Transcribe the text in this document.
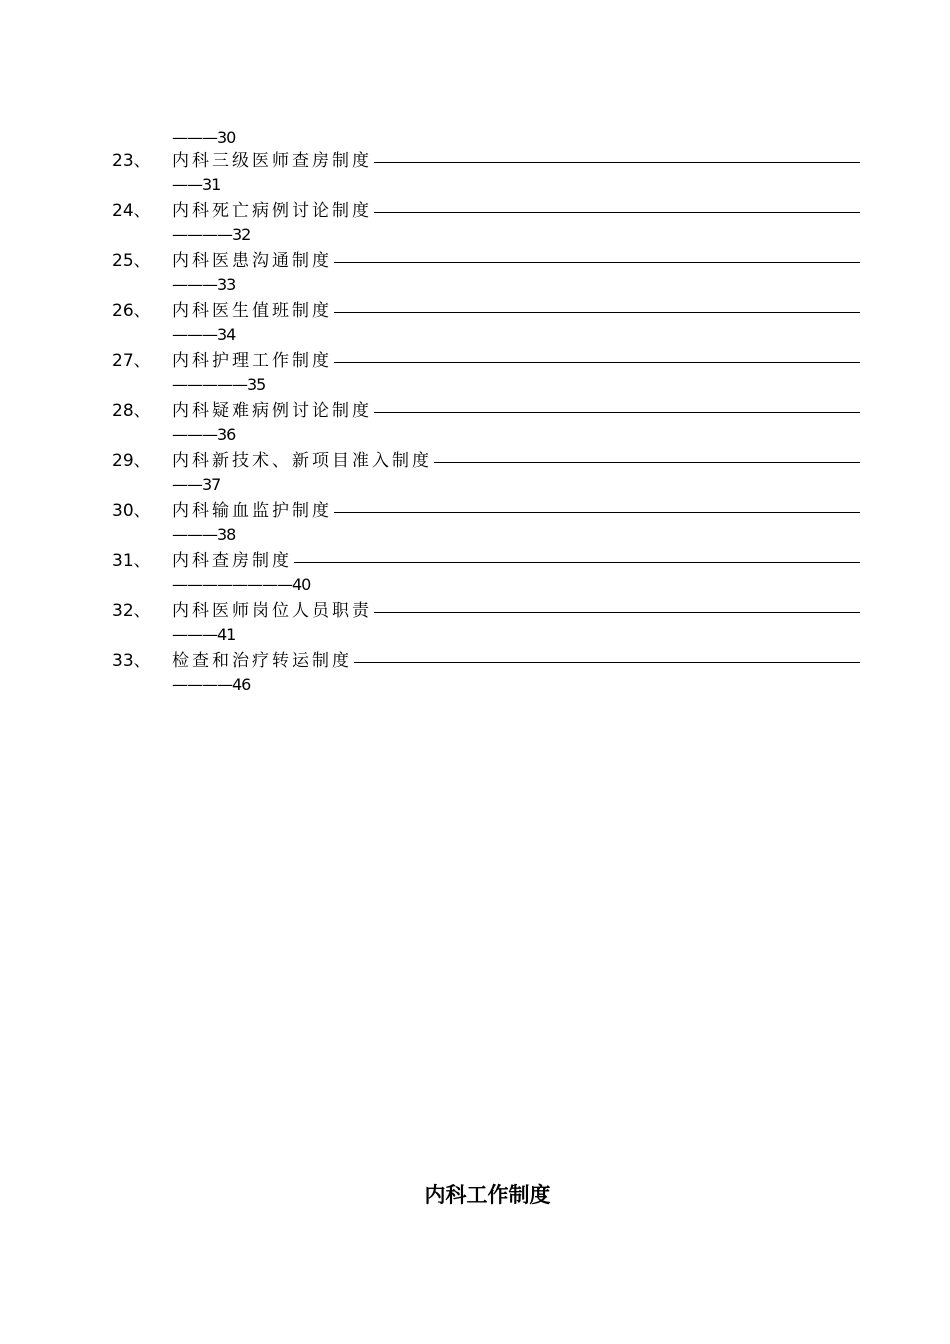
———30
23、 内科三级医师查房制度
——31
24、 内科死亡病例讨论制度
————32
25、 内科医患沟通制度
———33
26、 内科医生值班制度
———34
27、 内科护理工作制度
—————35
28、 内科疑难病例讨论制度
———36
29、 内科新技术、新项目准入制度
——37
30、 内科输血监护制度
———38
31、 内科查房制度
————————40
32、 内科医师岗位人员职责
———41
33、 检查和治疗转运制度
————46
内科工作制度
